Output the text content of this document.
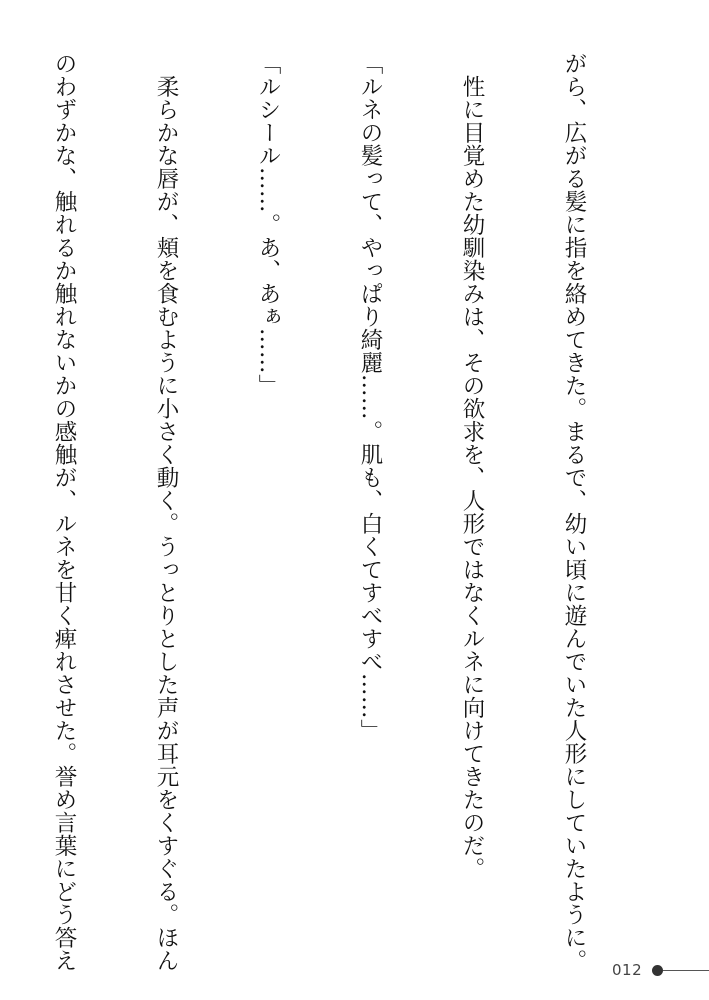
がら、広がる髪に指を絡めてきた。まるで、幼い頃に遊んでいた人形にしていたように。

　性に目覚めた幼馴染みは、その欲求を、人形ではなくルネに向けてきたのだ。

「ルネの髪って、やっぱり綺麗……。肌も、白くてすべすべ……」

「ルシール……。あ、あぁ……」

　柔らかな唇が、頬を食むように小さく動く。うっとりとした声が耳元をくすぐる。ほん

のわずかな、触れるか触れないかの感触が、ルネを甘く痺れさせた。誉め言葉にどう答え

	012
